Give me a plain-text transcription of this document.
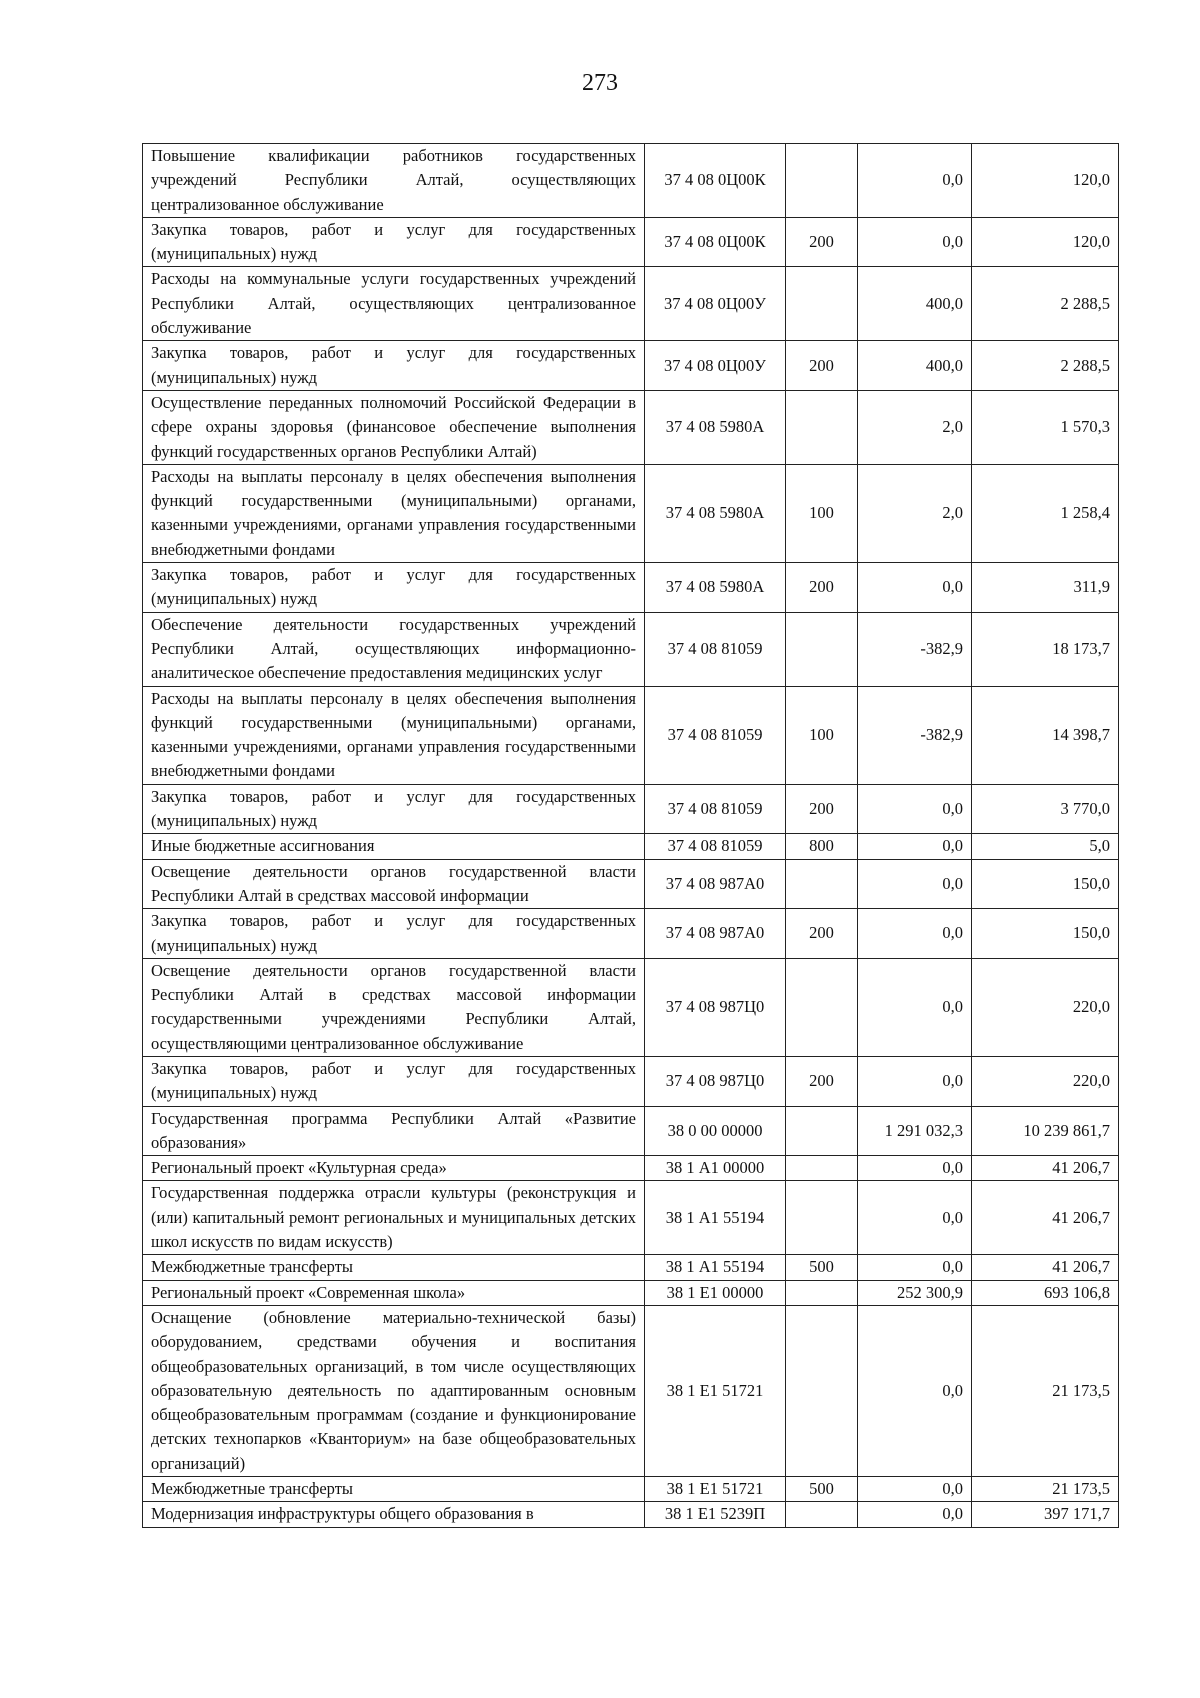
273
Повышение квалификации работников государственных учреждений Республики Алтай, осуществляющих централизованное обслуживание	37 4 08 0Ц00К		0,0	120,0
Закупка товаров, работ и услуг для государственных (муниципальных) нужд	37 4 08 0Ц00К	200	0,0	120,0
Расходы на коммунальные услуги государственных учреждений Республики Алтай, осуществляющих централизованное обслуживание	37 4 08 0Ц00У		400,0	2 288,5
Закупка товаров, работ и услуг для государственных (муниципальных) нужд	37 4 08 0Ц00У	200	400,0	2 288,5
Осуществление переданных полномочий Российской Федерации в сфере охраны здоровья (финансовое обеспечение выполнения функций государственных органов Республики Алтай)	37 4 08 5980А		2,0	1 570,3
Расходы на выплаты персоналу в целях обеспечения выполнения функций государственными (муниципальными) органами, казенными учреждениями, органами управления государственными внебюджетными фондами	37 4 08 5980А	100	2,0	1 258,4
Закупка товаров, работ и услуг для государственных (муниципальных) нужд	37 4 08 5980А	200	0,0	311,9
Обеспечение деятельности государственных учреждений Республики Алтай, осуществляющих информационно-аналитическое обеспечение предоставления медицинских услуг	37 4 08 81059		-382,9	18 173,7
Расходы на выплаты персоналу в целях обеспечения выполнения функций государственными (муниципальными) органами, казенными учреждениями, органами управления государственными внебюджетными фондами	37 4 08 81059	100	-382,9	14 398,7
Закупка товаров, работ и услуг для государственных (муниципальных) нужд	37 4 08 81059	200	0,0	3 770,0
Иные бюджетные ассигнования	37 4 08 81059	800	0,0	5,0
Освещение деятельности органов государственной власти Республики Алтай в средствах массовой информации	37 4 08 987А0		0,0	150,0
Закупка товаров, работ и услуг для государственных (муниципальных) нужд	37 4 08 987А0	200	0,0	150,0
Освещение деятельности органов государственной власти Республики Алтай в средствах массовой информации государственными учреждениями Республики Алтай, осуществляющими централизованное обслуживание	37 4 08 987Ц0		0,0	220,0
Закупка товаров, работ и услуг для государственных (муниципальных) нужд	37 4 08 987Ц0	200	0,0	220,0
Государственная программа Республики Алтай «Развитие образования»	38 0 00 00000		1 291 032,3	10 239 861,7
Региональный проект «Культурная среда»	38 1 А1 00000		0,0	41 206,7
Государственная поддержка отрасли культуры (реконструкция и (или) капитальный ремонт региональных и муниципальных детских школ искусств по видам искусств)	38 1 А1 55194		0,0	41 206,7
Межбюджетные трансферты	38 1 А1 55194	500	0,0	41 206,7
Региональный проект «Современная школа»	38 1 Е1 00000		252 300,9	693 106,8
Оснащение (обновление материально-технической базы) оборудованием, средствами обучения и воспитания общеобразовательных организаций, в том числе осуществляющих образовательную деятельность по адаптированным основным общеобразовательным программам (создание и функционирование детских технопарков «Кванториум» на базе общеобразовательных организаций)	38 1 Е1 51721		0,0	21 173,5
Межбюджетные трансферты	38 1 Е1 51721	500	0,0	21 173,5
Модернизация инфраструктуры общего образования в	38 1 Е1 5239П		0,0	397 171,7
